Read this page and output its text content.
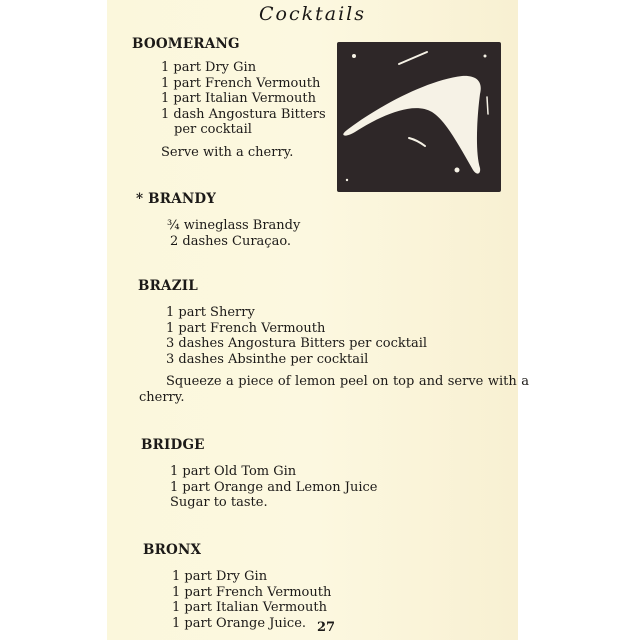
Cocktails
BOOMERANG
1 part Dry Gin
1 part French Vermouth
1 part Italian Vermouth
1 dash Angostura Bitters
per cocktail
Serve with a cherry.
* BRANDY
¾ wineglass Brandy
2 dashes Curaçao.
BRAZIL
1 part Sherry
1 part French Vermouth
3 dashes Angostura Bitters per cocktail
3 dashes Absinthe per cocktail
Squeeze a piece of lemon peel on top and serve with a cherry.
BRIDGE
1 part Old Tom Gin
1 part Orange and Lemon Juice
Sugar to taste.
BRONX
1 part Dry Gin
1 part French Vermouth
1 part Italian Vermouth
1 part Orange Juice. 27
